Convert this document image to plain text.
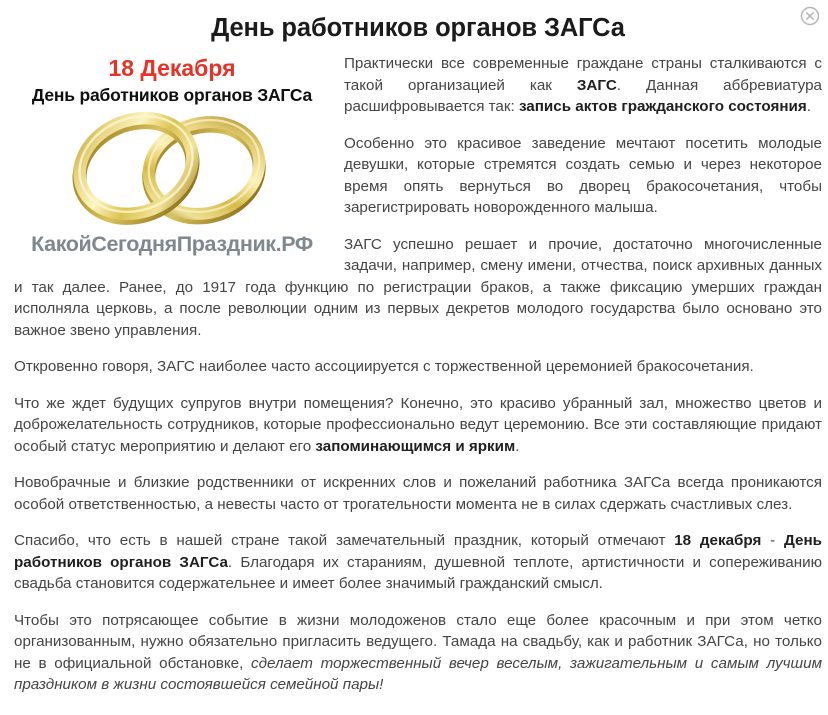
День работников органов ЗАГСа
18 Декабря
День работников органов ЗАГСа
КакойСегодняПраздник.РФ

Практически все современные граждане страны сталкиваются с такой организацией как ЗАГС. Данная аббревиатура расшифровывается так: запись актов гражданского состояния.

Особенно это красивое заведение мечтают посетить молодые девушки, которые стремятся создать семью и через некоторое время опять вернуться во дворец бракосочетания, чтобы зарегистрировать новорожденного малыша.

ЗАГС успешно решает и прочие, достаточно многочисленные задачи, например, смену имени, отчества, поиск архивных данных и так далее. Ранее, до 1917 года функцию по регистрации браков, а также фиксацию умерших граждан исполняла церковь, а после революции одним из первых декретов молодого государства было основано это важное звено управления.

Откровенно говоря, ЗАГС наиболее часто ассоциируется с торжественной церемонией бракосочетания.

Что же ждет будущих супругов внутри помещения? Конечно, это красиво убранный зал, множество цветов и доброжелательность сотрудников, которые профессионально ведут церемонию. Все эти составляющие придают особый статус мероприятию и делают его запоминающимся и ярким.

Новобрачные и близкие родственники от искренних слов и пожеланий работника ЗАГСа всегда проникаются особой ответственностью, а невесты часто от трогательности момента не в силах сдержать счастливых слез.

Спасибо, что есть в нашей стране такой замечательный праздник, который отмечают 18 декабря - День работников органов ЗАГСа. Благодаря их стараниям, душевной теплоте, артистичности и сопереживанию свадьба становится содержательнее и имеет более значимый гражданский смысл.

Чтобы это потрясающее событие в жизни молодоженов стало еще более красочным и при этом четко организованным, нужно обязательно пригласить ведущего. Тамада на свадьбу, как и работник ЗАГСа, но только не в официальной обстановке, сделает торжественный вечер веселым, зажигательным и самым лучшим праздником в жизни состоявшейся семейной пары!
